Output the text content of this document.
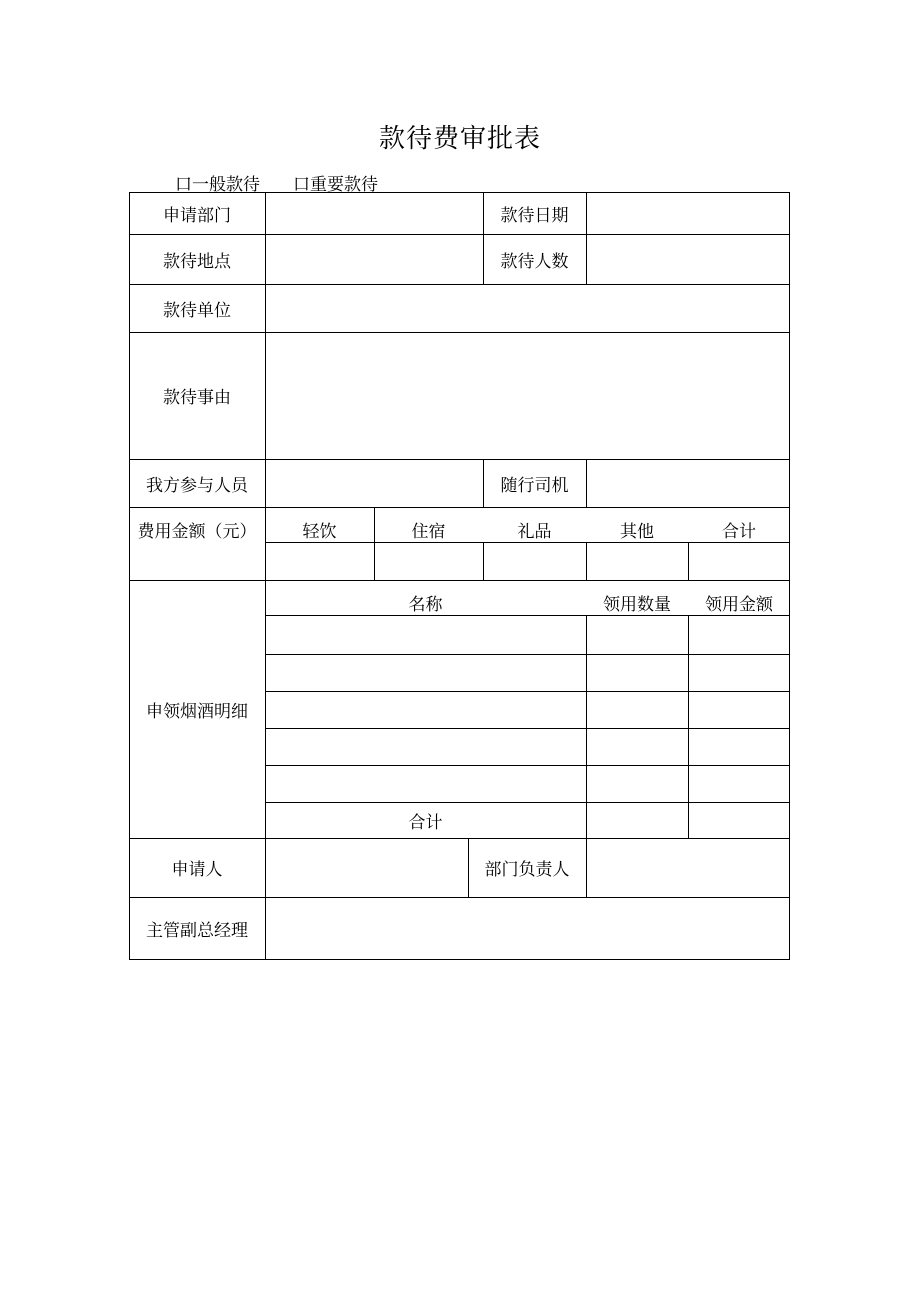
款待费审批表
口一般款待 口重要款待
申请部门	款待日期
款待地点	款待人数
款待单位
款待事由
我方参与人员	随行司机
费用金额（元）	轻饮	住宿	礼品	其他	合计
申领烟酒明细
名称	领用数量	领用金额
合计
申请人	部门负责人
主管副总经理
